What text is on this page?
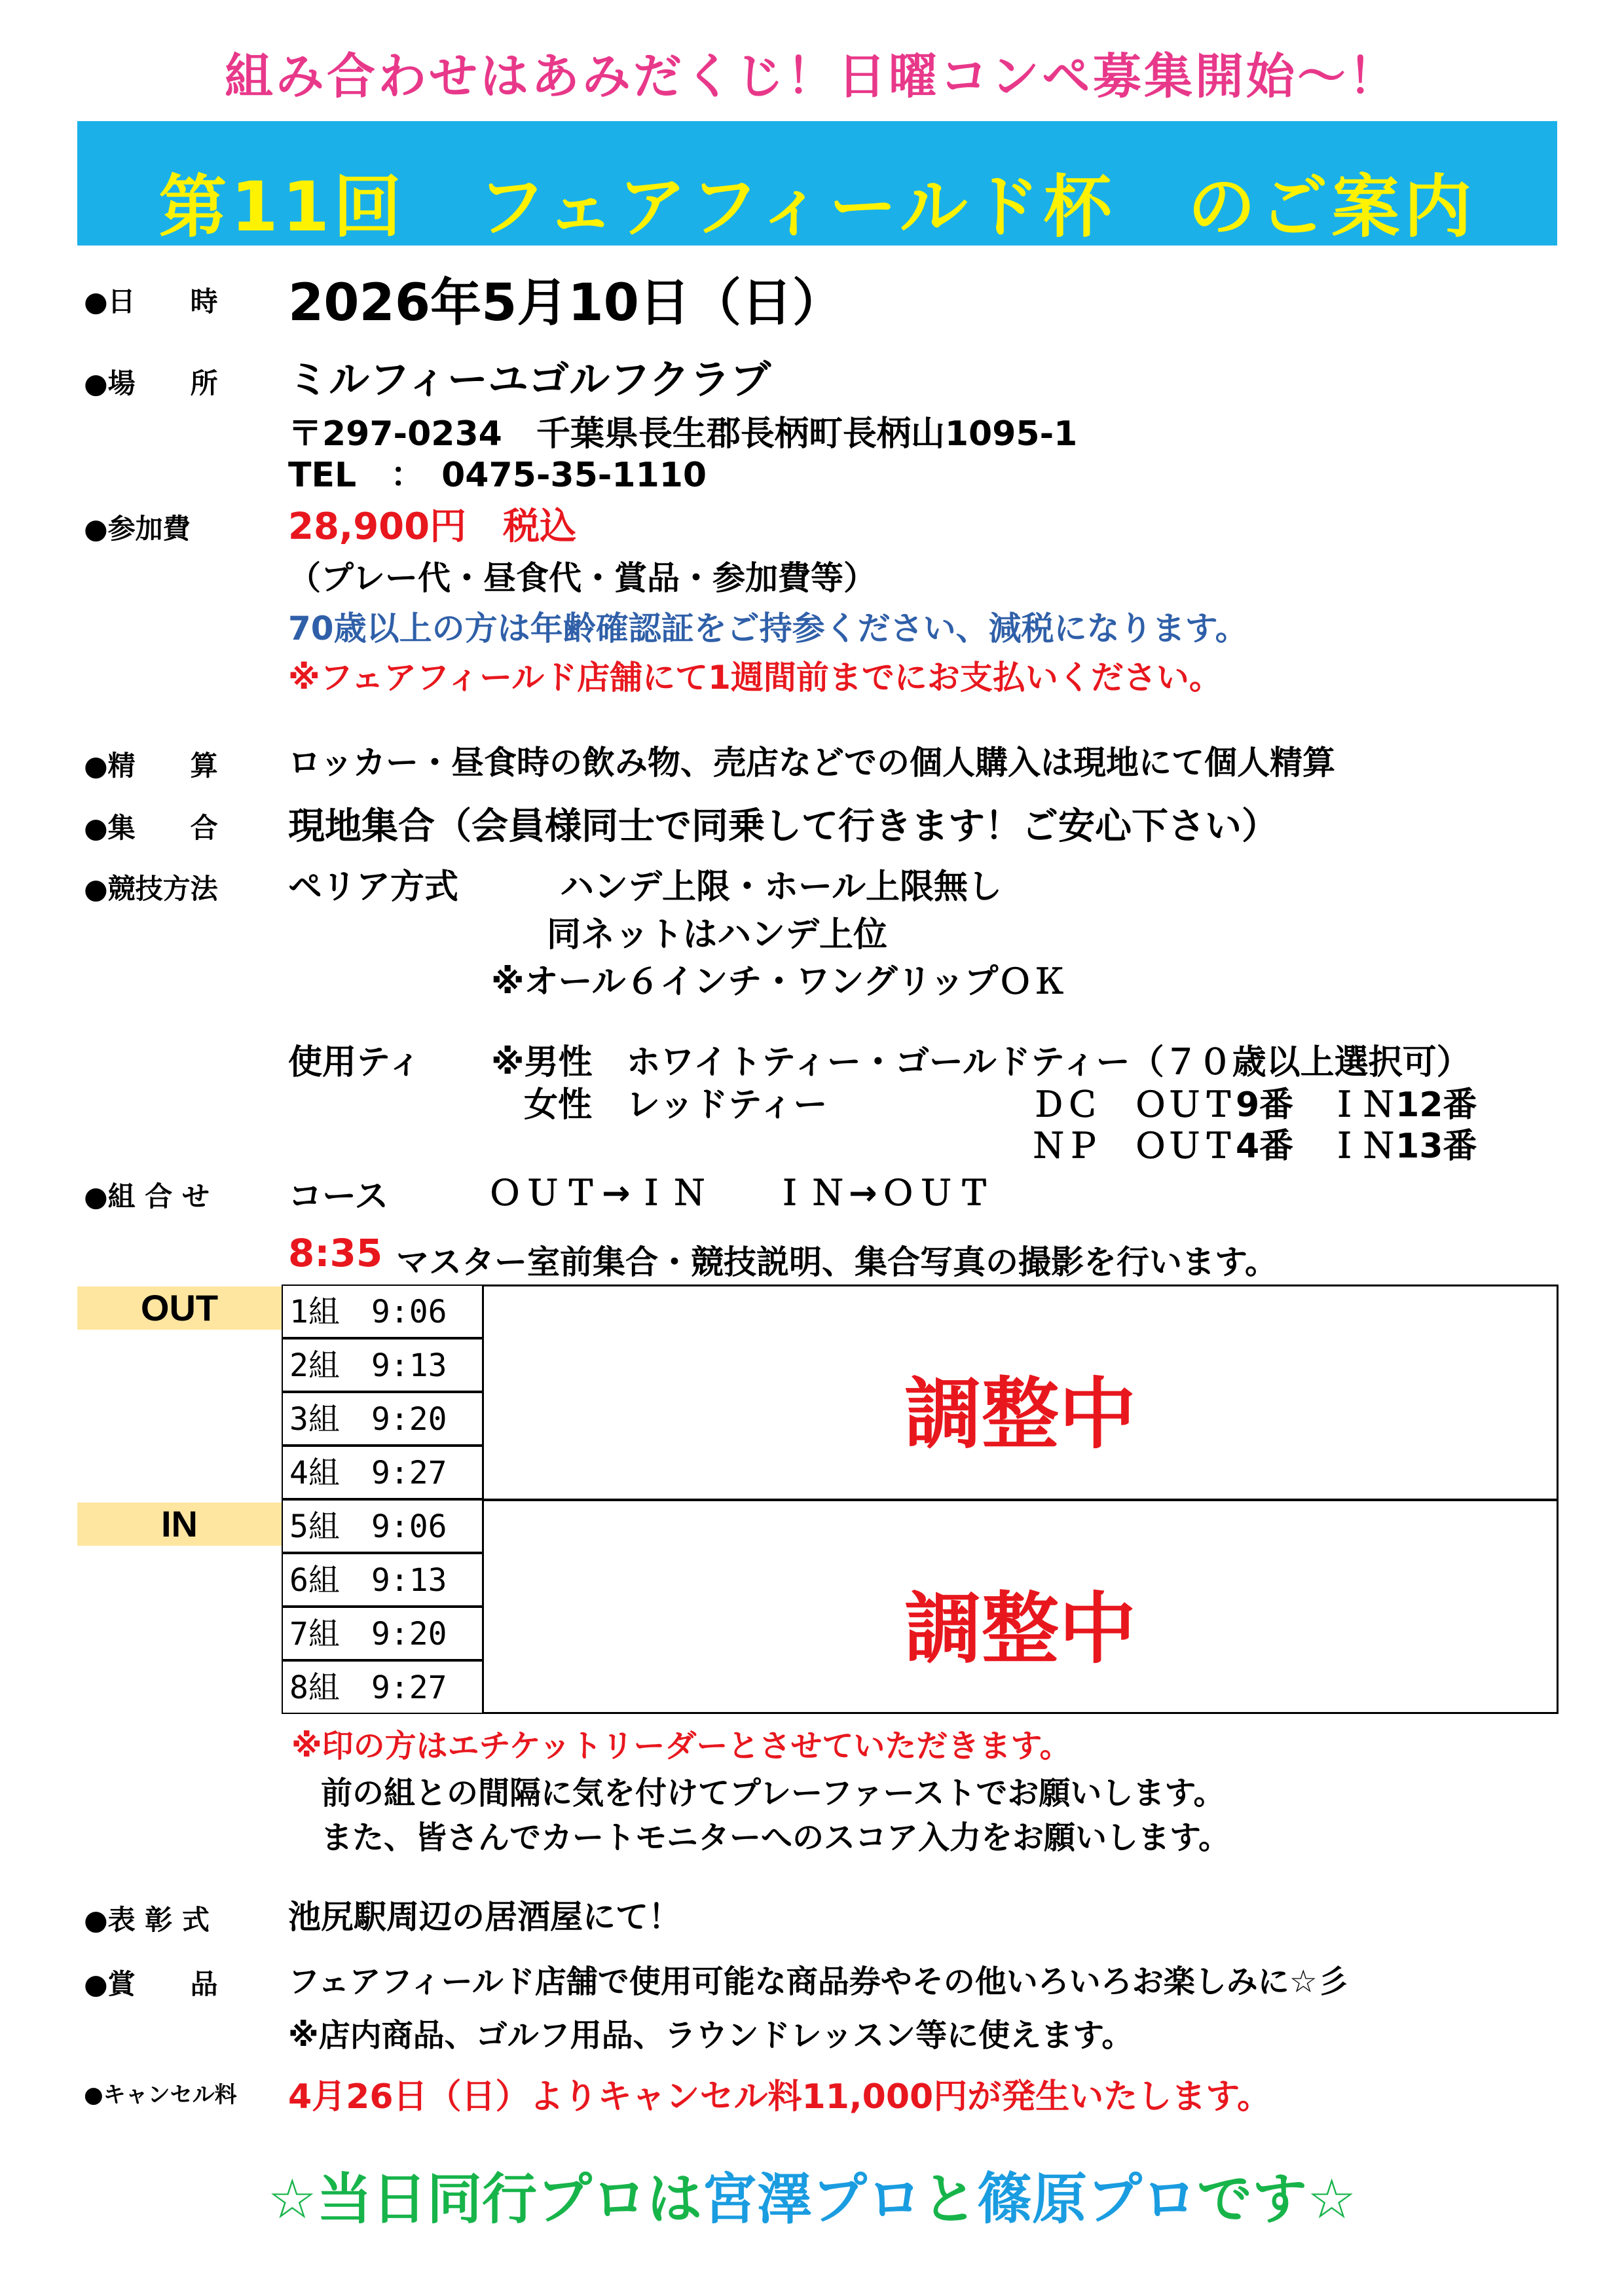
組み合わせはあみだくじ！日曜コンペ募集開始～！
第11回　フェアフィールド杯　のご案内
●日　　時 2026年5月10日（日）
●場　　所 ミルフィーユゴルフクラブ
〒297-0234　千葉県長生郡長柄町長柄山1095-1
TEL　：　0475-35-1110
●参加費	28,900円　税込
（プレー代・昼食代・賞品・参加費等）
70歳以上の方は年齢確認証をご持参ください、減税になります。
※フェアフィールド店舗にて1週間前までにお支払いください。
●精　　算 ロッカー・昼食時の飲み物、売店などでの個人購入は現地にて個人精算
●集　　合 現地集合（会員様同士で同乗して行きます！ご安心下さい）
●競技方法 ペリア方式	ハンデ上限・ホール上限無し
同ネットはハンデ上位
※オール６インチ・ワングリップＯＫ
使用ティ ※男性　ホワイトティー・ゴールドティー（７０歳以上選択可）
女性　レッドティー	ＤＣ　ＯＵＴ9番　ＩＮ12番
ＮＰ　ＯＵＴ4番　ＩＮ13番
●組 合 せ コース	ＯＵＴ→ＩＮ ＩＮ→ＯＵＴ
8:35 マスター室前集合・競技説明、集合写真の撮影を行います。
OUT	1組　9:06
2組　9:13
3組　9:20
4組　9:27
調整中
IN	5組　9:06
6組　9:13
7組　9:20
8組　9:27
調整中
※印の方はエチケットリーダーとさせていただきます。
前の組との間隔に気を付けてプレーファーストでお願いします。
また、皆さんでカートモニターへのスコア入力をお願いします。
●表 彰 式 池尻駅周辺の居酒屋にて！
●賞　　品 フェアフィールド店舗で使用可能な商品券やその他いろいろお楽しみに☆彡
※店内商品、ゴルフ用品、ラウンドレッスン等に使えます。
●キャンセル料 4月26日（日）よりキャンセル料11,000円が発生いたします。
☆当日同行プロは宮澤プロと篠原プロです☆
